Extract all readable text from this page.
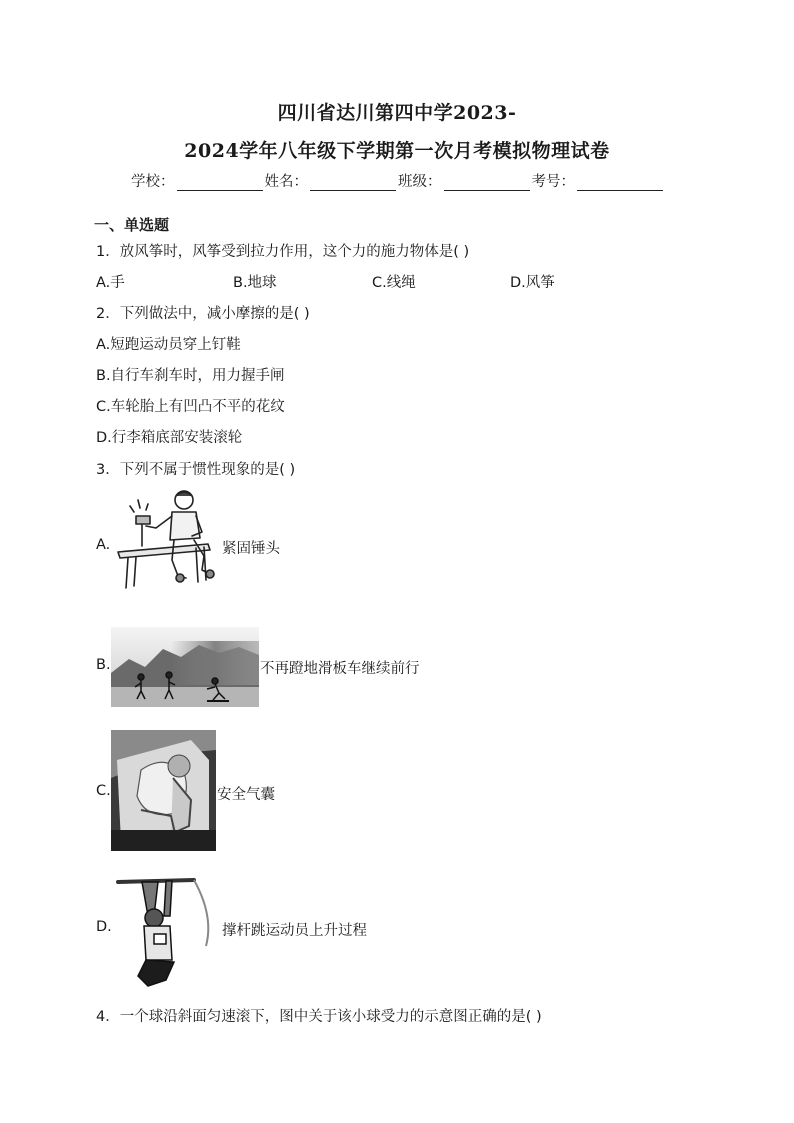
四川省达川第四中学2023-
2024学年八年级下学期第一次月考模拟物理试卷
学校：	姓名：	班级：	考号：
一、单选题
1．放风筝时，风筝受到拉力作用，这个力的施力物体是( )
A.手	B.地球	C.线绳	D.风筝
2．下列做法中，减小摩擦的是( )
A.短跑运动员穿上钉鞋
B.自行车刹车时，用力握手闸
C.车轮胎上有凹凸不平的花纹
D.行李箱底部安装滚轮
3．下列不属于惯性现象的是( )
A.	紧固锤头
B.	不再蹬地滑板车继续前行
C.	安全气囊
D.	撑杆跳运动员上升过程
4．一个球沿斜面匀速滚下，图中关于该小球受力的示意图正确的是( )
